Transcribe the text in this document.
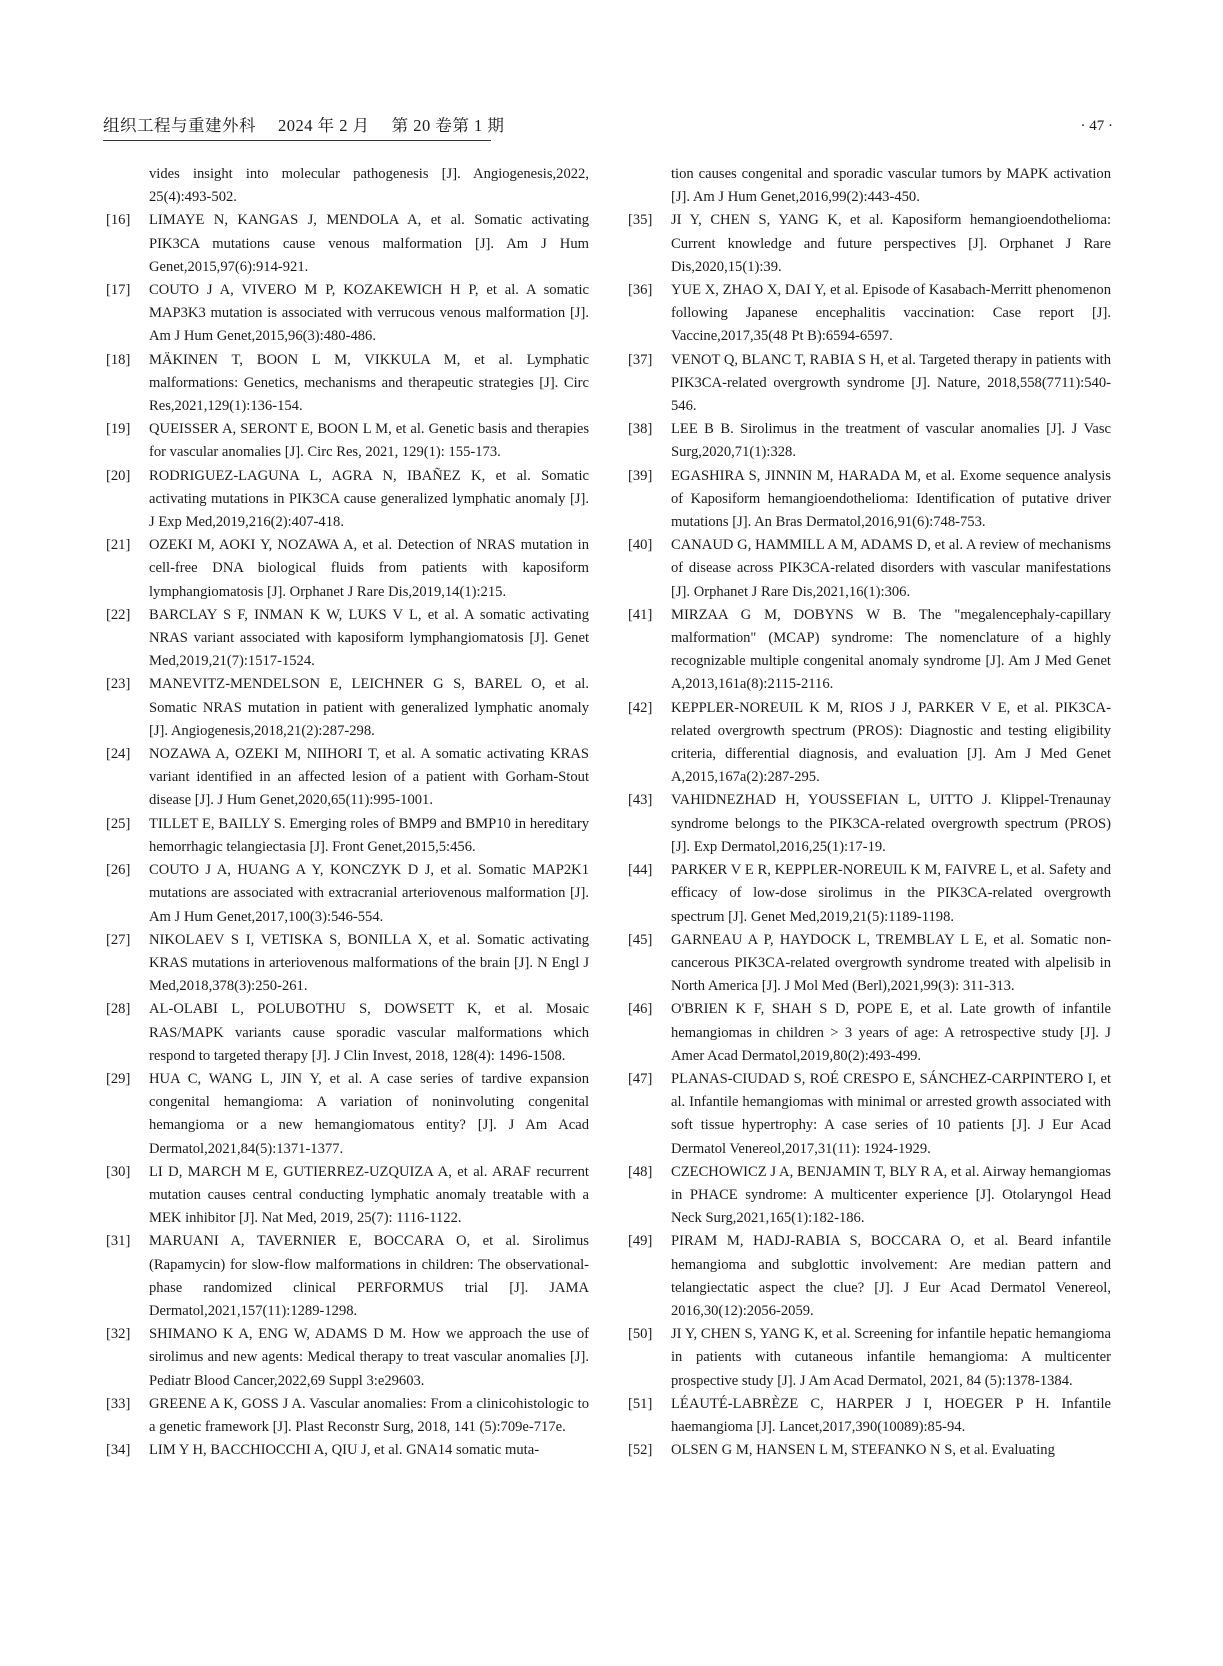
组织工程与重建外科 2024 年 2 月 第 20 卷第 1 期	· 47 ·
vides insight into molecular pathogenesis [J]. Angiogenesis,2022, 25(4):493-502.
[16] LIMAYE N, KANGAS J, MENDOLA A, et al. Somatic activating PIK3CA mutations cause venous malformation [J]. Am J Hum Genet,2015,97(6):914-921.
[17] COUTO J A, VIVERO M P, KOZAKEWICH H P, et al. A somatic MAP3K3 mutation is associated with verrucous venous malformation [J]. Am J Hum Genet,2015,96(3):480-486.
[18] MÄKINEN T, BOON L M, VIKKULA M, et al. Lymphatic malformations: Genetics, mechanisms and therapeutic strategies [J]. Circ Res,2021,129(1):136-154.
[19] QUEISSER A, SERONT E, BOON L M, et al. Genetic basis and therapies for vascular anomalies [J]. Circ Res, 2021, 129(1): 155-173.
[20] RODRIGUEZ-LAGUNA L, AGRA N, IBAÑEZ K, et al. Somatic activating mutations in PIK3CA cause generalized lymphatic anomaly [J]. J Exp Med,2019,216(2):407-418.
[21] OZEKI M, AOKI Y, NOZAWA A, et al. Detection of NRAS mutation in cell-free DNA biological fluids from patients with kaposiform lymphangiomatosis [J]. Orphanet J Rare Dis,2019,14(1):215.
[22] BARCLAY S F, INMAN K W, LUKS V L, et al. A somatic activating NRAS variant associated with kaposiform lymphangiomatosis [J]. Genet Med,2019,21(7):1517-1524.
[23] MANEVITZ-MENDELSON E, LEICHNER G S, BAREL O, et al. Somatic NRAS mutation in patient with generalized lymphatic anomaly [J]. Angiogenesis,2018,21(2):287-298.
[24] NOZAWA A, OZEKI M, NIIHORI T, et al. A somatic activating KRAS variant identified in an affected lesion of a patient with Gorham-Stout disease [J]. J Hum Genet,2020,65(11):995-1001.
[25] TILLET E, BAILLY S. Emerging roles of BMP9 and BMP10 in hereditary hemorrhagic telangiectasia [J]. Front Genet,2015,5:456.
[26] COUTO J A, HUANG A Y, KONCZYK D J, et al. Somatic MAP2K1 mutations are associated with extracranial arteriovenous malformation [J]. Am J Hum Genet,2017,100(3):546-554.
[27] NIKOLAEV S I, VETISKA S, BONILLA X, et al. Somatic activating KRAS mutations in arteriovenous malformations of the brain [J]. N Engl J Med,2018,378(3):250-261.
[28] AL-OLABI L, POLUBOTHU S, DOWSETT K, et al. Mosaic RAS/MAPK variants cause sporadic vascular malformations which respond to targeted therapy [J]. J Clin Invest, 2018, 128(4): 1496-1508.
[29] HUA C, WANG L, JIN Y, et al. A case series of tardive expansion congenital hemangioma: A variation of noninvoluting congenital hemangioma or a new hemangiomatous entity? [J]. J Am Acad Dermatol,2021,84(5):1371-1377.
[30] LI D, MARCH M E, GUTIERREZ-UZQUIZA A, et al. ARAF recurrent mutation causes central conducting lymphatic anomaly treatable with a MEK inhibitor [J]. Nat Med, 2019, 25(7): 1116-1122.
[31] MARUANI A, TAVERNIER E, BOCCARA O, et al. Sirolimus (Rapamycin) for slow-flow malformations in children: The observational-phase randomized clinical PERFORMUS trial [J]. JAMA Dermatol,2021,157(11):1289-1298.
[32] SHIMANO K A, ENG W, ADAMS D M. How we approach the use of sirolimus and new agents: Medical therapy to treat vascular anomalies [J]. Pediatr Blood Cancer,2022,69 Suppl 3:e29603.
[33] GREENE A K, GOSS J A. Vascular anomalies: From a clinicohistologic to a genetic framework [J]. Plast Reconstr Surg, 2018, 141 (5):709e-717e.
[34] LIM Y H, BACCHIOCCHI A, QIU J, et al. GNA14 somatic muta-
tion causes congenital and sporadic vascular tumors by MAPK activation [J]. Am J Hum Genet,2016,99(2):443-450.
[35] JI Y, CHEN S, YANG K, et al. Kaposiform hemangioendothelioma: Current knowledge and future perspectives [J]. Orphanet J Rare Dis,2020,15(1):39.
[36] YUE X, ZHAO X, DAI Y, et al. Episode of Kasabach-Merritt phenomenon following Japanese encephalitis vaccination: Case report [J]. Vaccine,2017,35(48 Pt B):6594-6597.
[37] VENOT Q, BLANC T, RABIA S H, et al. Targeted therapy in patients with PIK3CA-related overgrowth syndrome [J]. Nature, 2018,558(7711):540-546.
[38] LEE B B. Sirolimus in the treatment of vascular anomalies [J]. J Vasc Surg,2020,71(1):328.
[39] EGASHIRA S, JINNIN M, HARADA M, et al. Exome sequence analysis of Kaposiform hemangioendothelioma: Identification of putative driver mutations [J]. An Bras Dermatol,2016,91(6):748-753.
[40] CANAUD G, HAMMILL A M, ADAMS D, et al. A review of mechanisms of disease across PIK3CA-related disorders with vascular manifestations [J]. Orphanet J Rare Dis,2021,16(1):306.
[41] MIRZAA G M, DOBYNS W B. The "megalencephaly-capillary malformation" (MCAP) syndrome: The nomenclature of a highly recognizable multiple congenital anomaly syndrome [J]. Am J Med Genet A,2013,161a(8):2115-2116.
[42] KEPPLER-NOREUIL K M, RIOS J J, PARKER V E, et al. PIK3CA-related overgrowth spectrum (PROS): Diagnostic and testing eligibility criteria, differential diagnosis, and evaluation [J]. Am J Med Genet A,2015,167a(2):287-295.
[43] VAHIDNEZHAD H, YOUSSEFIAN L, UITTO J. Klippel-Trenaunay syndrome belongs to the PIK3CA-related overgrowth spectrum (PROS) [J]. Exp Dermatol,2016,25(1):17-19.
[44] PARKER V E R, KEPPLER-NOREUIL K M, FAIVRE L, et al. Safety and efficacy of low-dose sirolimus in the PIK3CA-related overgrowth spectrum [J]. Genet Med,2019,21(5):1189-1198.
[45] GARNEAU A P, HAYDOCK L, TREMBLAY L E, et al. Somatic non-cancerous PIK3CA-related overgrowth syndrome treated with alpelisib in North America [J]. J Mol Med (Berl),2021,99(3): 311-313.
[46] O'BRIEN K F, SHAH S D, POPE E, et al. Late growth of infantile hemangiomas in children > 3 years of age: A retrospective study [J]. J Amer Acad Dermatol,2019,80(2):493-499.
[47] PLANAS-CIUDAD S, ROÉ CRESPO E, SÁNCHEZ-CARPINTERO I, et al. Infantile hemangiomas with minimal or arrested growth associated with soft tissue hypertrophy: A case series of 10 patients [J]. J Eur Acad Dermatol Venereol,2017,31(11): 1924-1929.
[48] CZECHOWICZ J A, BENJAMIN T, BLY R A, et al. Airway hemangiomas in PHACE syndrome: A multicenter experience [J]. Otolaryngol Head Neck Surg,2021,165(1):182-186.
[49] PIRAM M, HADJ-RABIA S, BOCCARA O, et al. Beard infantile hemangioma and subglottic involvement: Are median pattern and telangiectatic aspect the clue? [J]. J Eur Acad Dermatol Venereol, 2016,30(12):2056-2059.
[50] JI Y, CHEN S, YANG K, et al. Screening for infantile hepatic hemangioma in patients with cutaneous infantile hemangioma: A multicenter prospective study [J]. J Am Acad Dermatol, 2021, 84 (5):1378-1384.
[51] LÉAUTÉ-LABRÈZE C, HARPER J I, HOEGER P H. Infantile haemangioma [J]. Lancet,2017,390(10089):85-94.
[52] OLSEN G M, HANSEN L M, STEFANKO N S, et al. Evaluating
